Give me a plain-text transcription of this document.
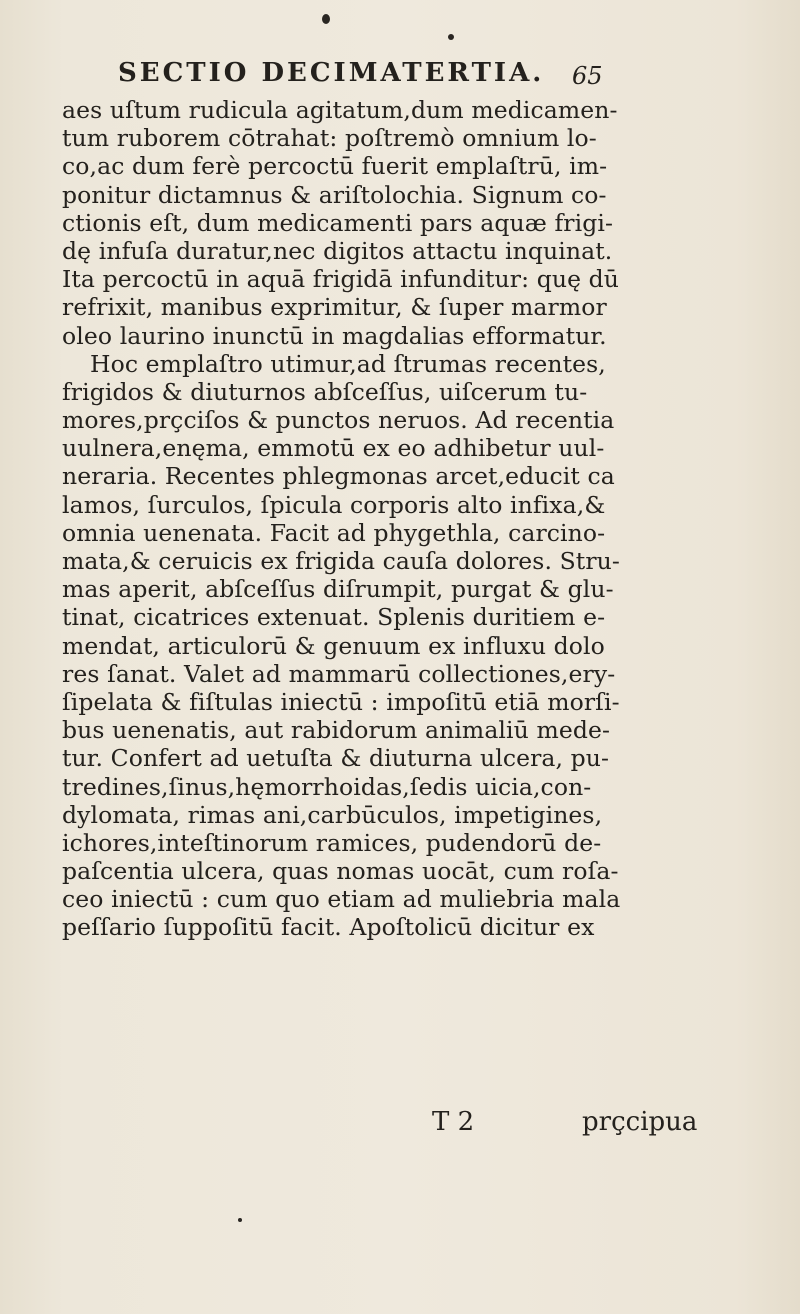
SECTIO DECIMATERTIA. 65
aes uſtum rudicula agitatum,dum medicamen-
tum ruborem cōtrahat: poſtremò omnium lo-
co,ac dum ferè percoctū fuerit emplaſtrū, im-
ponitur dictamnus & ariſtolochia. Signum co-
ctionis eſt, dum medicamenti pars aquæ frigi-
dę infuſa duratur,nec digitos attactu inquinat.
Ita percoctū in aquā frigidā infunditur: quę dū
refrixit, manibus exprimitur, & ſuper marmor
oleo laurino inunctū in magdalias efformatur.
Hoc emplaſtro utimur,ad ſtrumas recentes,
frigidos & diuturnos abſceſſus, uiſcerum tu-
mores,prçciſos & punctos neruos. Ad recentia
uulnera,enęma, emmotū ex eo adhibetur uul-
neraria. Recentes phlegmonas arcet,educit ca
lamos, ſurculos, ſpicula corporis alto infixa,&
omnia uenenata. Facit ad phygethla, carcino-
mata,& ceruicis ex frigida cauſa dolores. Stru-
mas aperit, abſceſſus diſrumpit, purgat & glu-
tinat, cicatrices extenuat. Splenis duritiem e-
mendat, articulorū & genuum ex influxu dolo
res ſanat. Valet ad mammarū collectiones,ery-
ſipelata & fiſtulas iniectū : impoſitū etiā morſi-
bus uenenatis, aut rabidorum animaliū mede-
tur. Confert ad uetuſta & diuturna ulcera, pu-
tredines,ſinus,hęmorrhoidas,ſedis uicia,con-
dylomata, rimas ani,carbūculos, impetigines,
ichores,inteſtinorum ramices, pudendorū de-
paſcentia ulcera, quas nomas uocāt, cum roſa-
ceo iniectū : cum quo etiam ad muliebria mala
peſſario ſuppoſitū facit. Apoſtolicū dicitur ex
T 2	prçcipua
